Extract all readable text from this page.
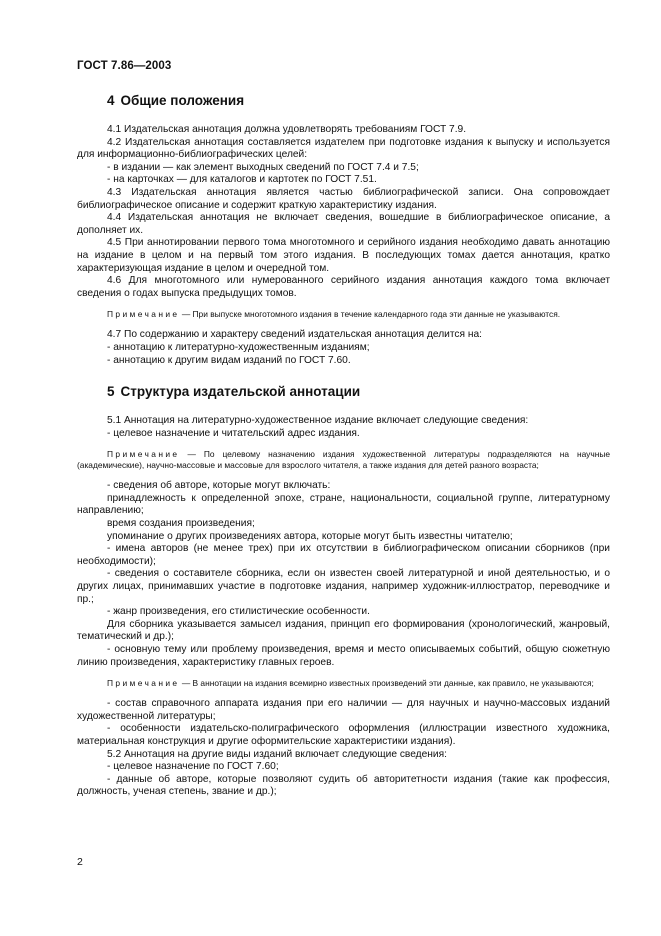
ГОСТ 7.86—2003
4 Общие положения

4.1 Издательская аннотация должна удовлетворять требованиям ГОСТ 7.9.

4.2 Издательская аннотация составляется издателем при подготовке издания к выпуску и используется для информационно-библиографических целей:

- в издании — как элемент выходных сведений по ГОСТ 7.4 и 7.5;

- на карточках — для каталогов и картотек по ГОСТ 7.51.

4.3 Издательская аннотация является частью библиографической записи. Она сопровождает библиографическое описание и содержит краткую характеристику издания.

4.4 Издательская аннотация не включает сведения, вошедшие в библиографическое описание, а дополняет их.

4.5 При аннотировании первого тома многотомного и серийного издания необходимо давать аннотацию на издание в целом и на первый том этого издания. В последующих томах дается аннотация, кратко характеризующая издание в целом и очередной том.

4.6 Для многотомного или нумерованного серийного издания аннотация каждого тома включает сведения о годах выпуска предыдущих томов.

Примечание — При выпуске многотомного издания в течение календарного года эти данные не указываются.

4.7 По содержанию и характеру сведений издательская аннотация делится на:

- аннотацию к литературно-художественным изданиям;

- аннотацию к другим видам изданий по ГОСТ 7.60.

5 Структура издательской аннотации

5.1 Аннотация на литературно-художественное издание включает следующие сведения:

- целевое назначение и читательский адрес издания.

Примечание — По целевому назначению издания художественной литературы подразделяются на научные (академические), научно-массовые и массовые для взрослого читателя, а также издания для детей разного возраста;

- сведения об авторе, которые могут включать:

принадлежность к определенной эпохе, стране, национальности, социальной группе, литературному направлению;

время создания произведения;

упоминание о других произведениях автора, которые могут быть известны читателю;

- имена авторов (не менее трех) при их отсутствии в библиографическом описании сборников (при необходимости);

- сведения о составителе сборника, если он известен своей литературной и иной деятельностью, и о других лицах, принимавших участие в подготовке издания, например художник-иллюстратор, переводчике и пр.;

- жанр произведения, его стилистические особенности.

Для сборника указывается замысел издания, принцип его формирования (хронологический, жанровый, тематический и др.);

- основную тему или проблему произведения, время и место описываемых событий, общую сюжетную линию произведения, характеристику главных героев.

Примечание — В аннотации на издания всемирно известных произведений эти данные, как правило, не указываются;

- состав справочного аппарата издания при его наличии — для научных и научно-массовых изданий художественной литературы;

- особенности издательско-полиграфического оформления (иллюстрации известного художника, материальная конструкция и другие оформительские характеристики издания).

5.2 Аннотация на другие виды изданий включает следующие сведения:

- целевое назначение по ГОСТ 7.60;

- данные об авторе, которые позволяют судить об авторитетности издания (такие как профессия, должность, ученая степень, звание и др.);

2
